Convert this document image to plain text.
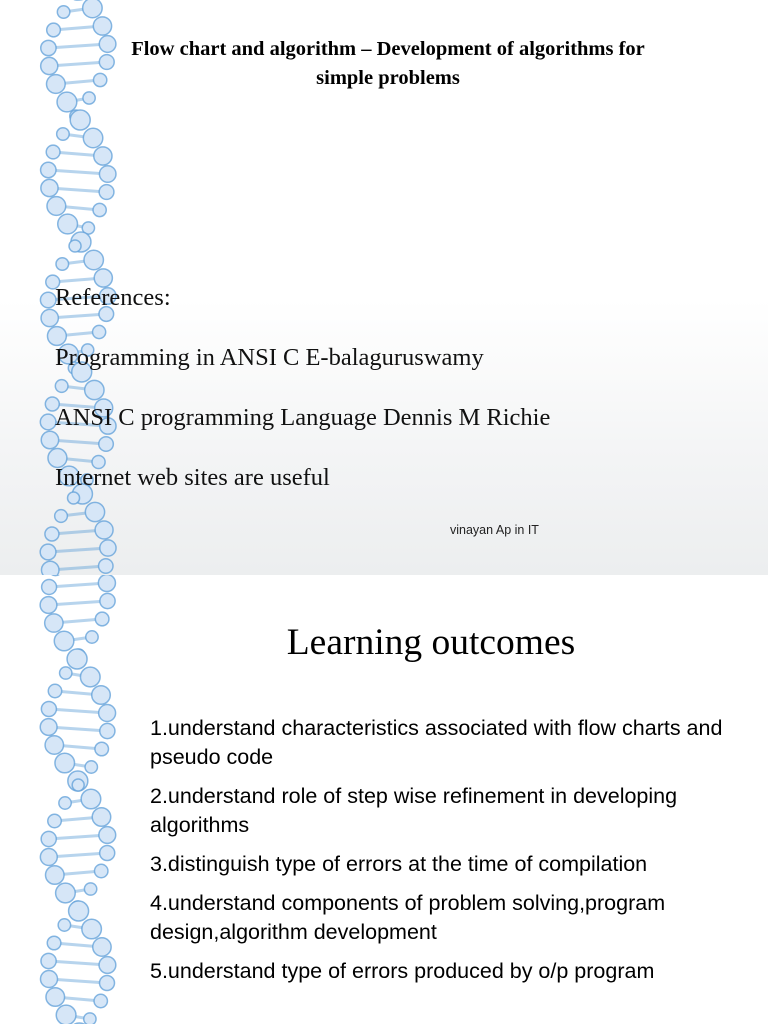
Flow chart and algorithm – Development of algorithms for
simple problems
References:
Programming in ANSI C E-balaguruswamy
ANSI C programming Language Dennis M Richie
Internet web sites are useful
vinayan Ap in IT
Learning outcomes
1.understand characteristics associated with flow charts and pseudo code
2.understand role of step wise refinement in developing algorithms
3.distinguish type of errors at the time of compilation
4.understand components of problem solving,program design,algorithm development
5.understand type of errors produced by o/p program
